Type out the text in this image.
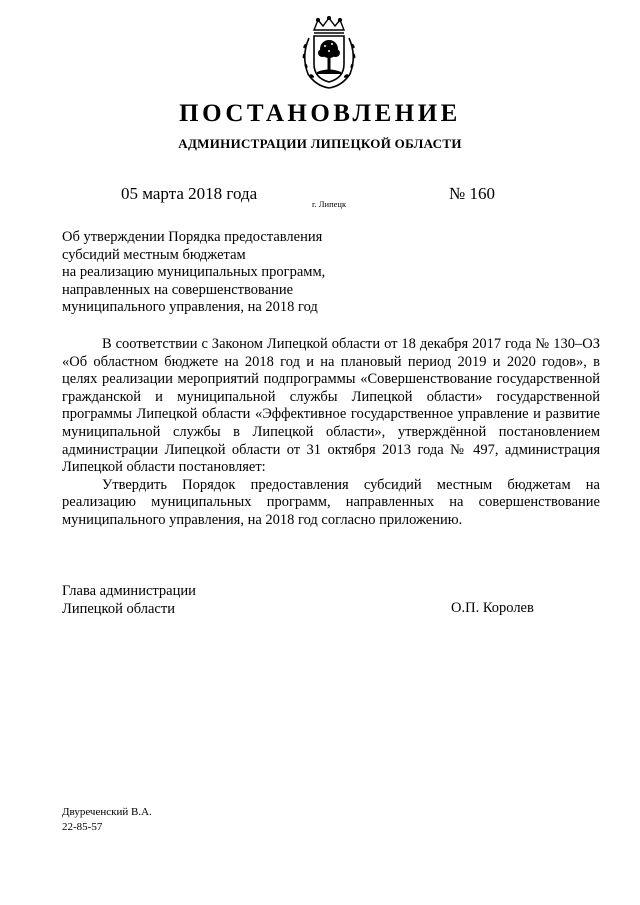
ПОСТАНОВЛЕНИЕ
АДМИНИСТРАЦИИ ЛИПЕЦКОЙ ОБЛАСТИ
05 марта 2018 года
г. Липецк
№ 160
Об утверждении Порядка предоставления
субсидий местным бюджетам
на реализацию муниципальных программ,
направленных на совершенствование
муниципального управления, на 2018 год

В соответствии с Законом Липецкой области от 18 декабря 2017 года № 130–ОЗ «Об областном бюджете на 2018 год и на плановый период 2019 и 2020 годов», в целях реализации мероприятий подпрограммы «Совершенствование государственной гражданской и муниципальной службы Липецкой области» государственной программы Липецкой области «Эффективное государственное управление и развитие муниципальной службы в Липецкой области», утверждённой постановлением администрации Липецкой области от 31 октября 2013 года № 497, администрация Липецкой области постановляет:

Утвердить Порядок предоставления субсидий местным бюджетам на реализацию муниципальных программ, направленных на совершенствование муниципального управления, на 2018 год согласно приложению.

Глава администрации
Липецкой области	О.П. Королев
Двуреченский В.А.
22-85-57
